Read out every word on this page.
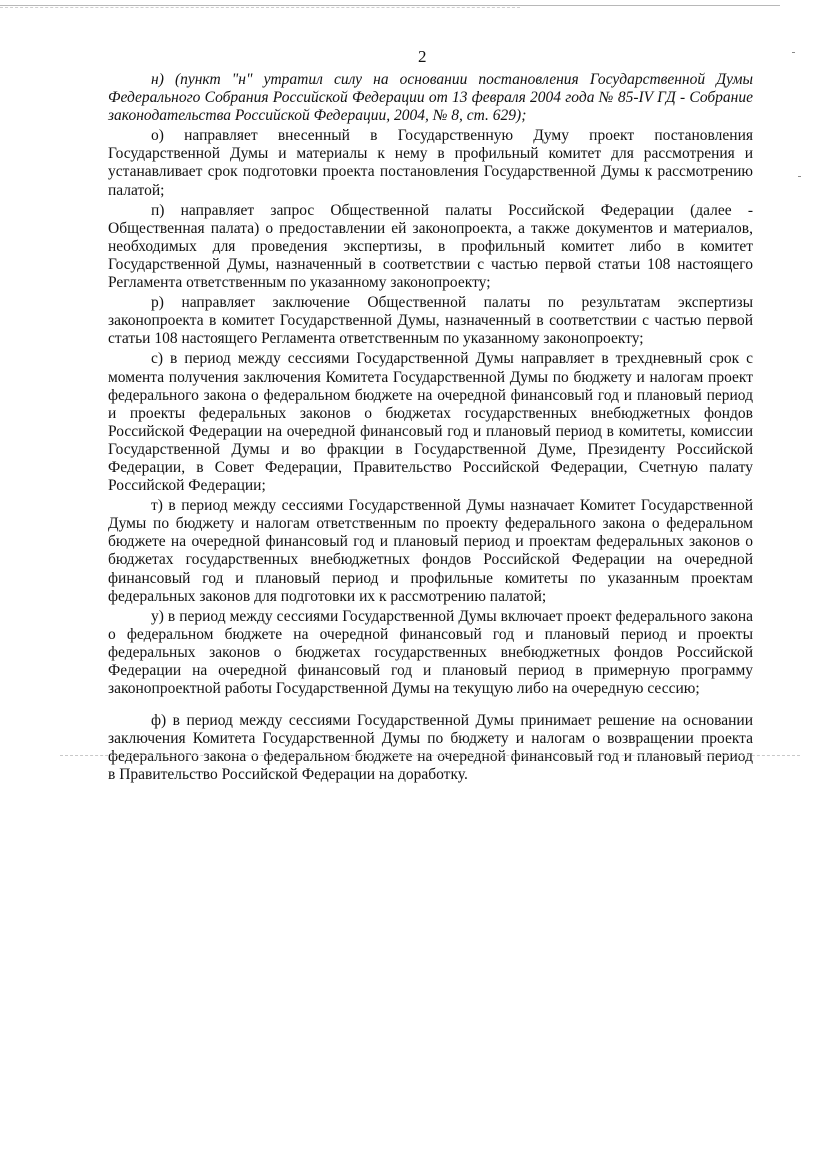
2

н) (пункт "н" утратил силу на основании постановления Государственной Думы Федерального Собрания Российской Федерации от 13 февраля 2004 года № 85-IV ГД - Собрание законодательства Российской Федерации, 2004, № 8, ст. 629);

о) направляет внесенный в Государственную Думу проект постановления Государственной Думы и материалы к нему в профильный комитет для рассмотрения и устанавливает срок подготовки проекта постановления Государственной Думы к рассмотрению палатой;

п) направляет запрос Общественной палаты Российской Федерации (далее - Общественная палата) о предоставлении ей законопроекта, а также документов и материалов, необходимых для проведения экспертизы, в профильный комитет либо в комитет Государственной Думы, назначенный в соответствии с частью первой статьи 108 настоящего Регламента ответственным по указанному законопроекту;

р) направляет заключение Общественной палаты по результатам экспертизы законопроекта в комитет Государственной Думы, назначенный в соответствии с частью первой статьи 108 настоящего Регламента ответственным по указанному законопроекту;

с) в период между сессиями Государственной Думы направляет в трехдневный срок с момента получения заключения Комитета Государственной Думы по бюджету и налогам проект федерального закона о федеральном бюджете на очередной финансовый год и плановый период и проекты федеральных законов о бюджетах государственных внебюджетных фондов Российской Федерации на очередной финансовый год и плановый период в комитеты, комиссии Государственной Думы и во фракции в Государственной Думе, Президенту Российской Федерации, в Совет Федерации, Правительство Российской Федерации, Счетную палату Российской Федерации;

т) в период между сессиями Государственной Думы назначает Комитет Государственной Думы по бюджету и налогам ответственным по проекту федерального закона о федеральном бюджете на очередной финансовый год и плановый период и проектам федеральных законов о бюджетах государственных внебюджетных фондов Российской Федерации на очередной финансовый год и плановый период и профильные комитеты по указанным проектам федеральных законов для подготовки их к рассмотрению палатой;

у) в период между сессиями Государственной Думы включает проект федерального закона о федеральном бюджете на очередной финансовый год и плановый период и проекты федеральных законов о бюджетах государственных внебюджетных фондов Российской Федерации на очередной финансовый год и плановый период в примерную программу законопроектной работы Государственной Думы на текущую либо на очередную сессию;

ф) в период между сессиями Государственной Думы принимает решение на основании заключения Комитета Государственной Думы по бюджету и налогам о возвращении проекта федерального закона о федеральном бюджете на очередной финансовый год и плановый период в Правительство Российской Федерации на доработку.
